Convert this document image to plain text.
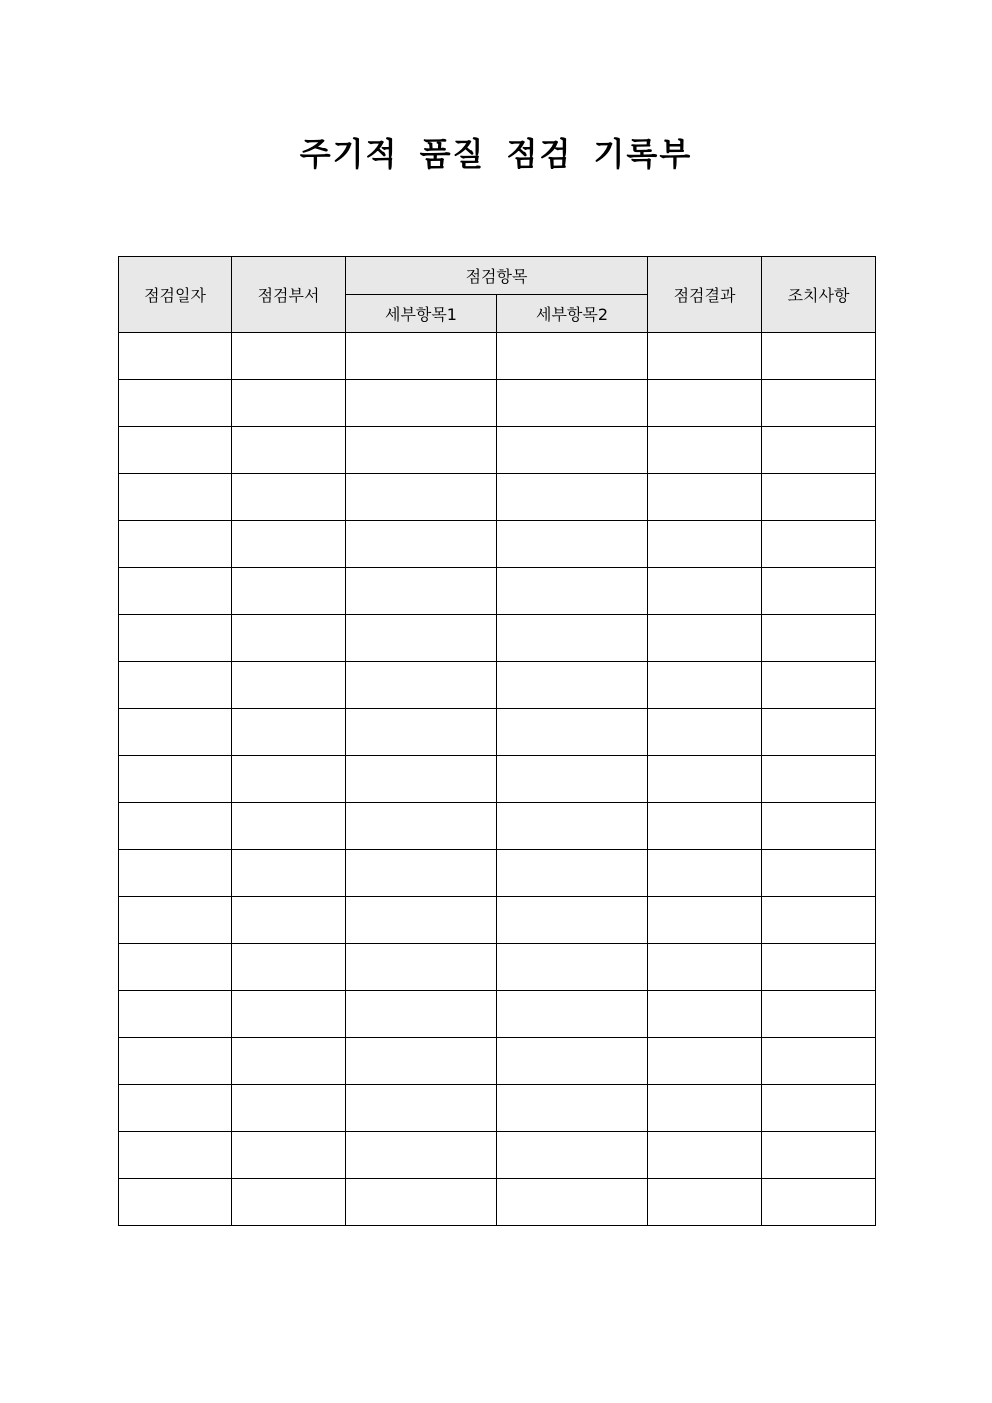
주기적 품질 점검 기록부
점검일자	점검부서	점검항목		점검결과	조치사항
		세부항목1	세부항목2		
